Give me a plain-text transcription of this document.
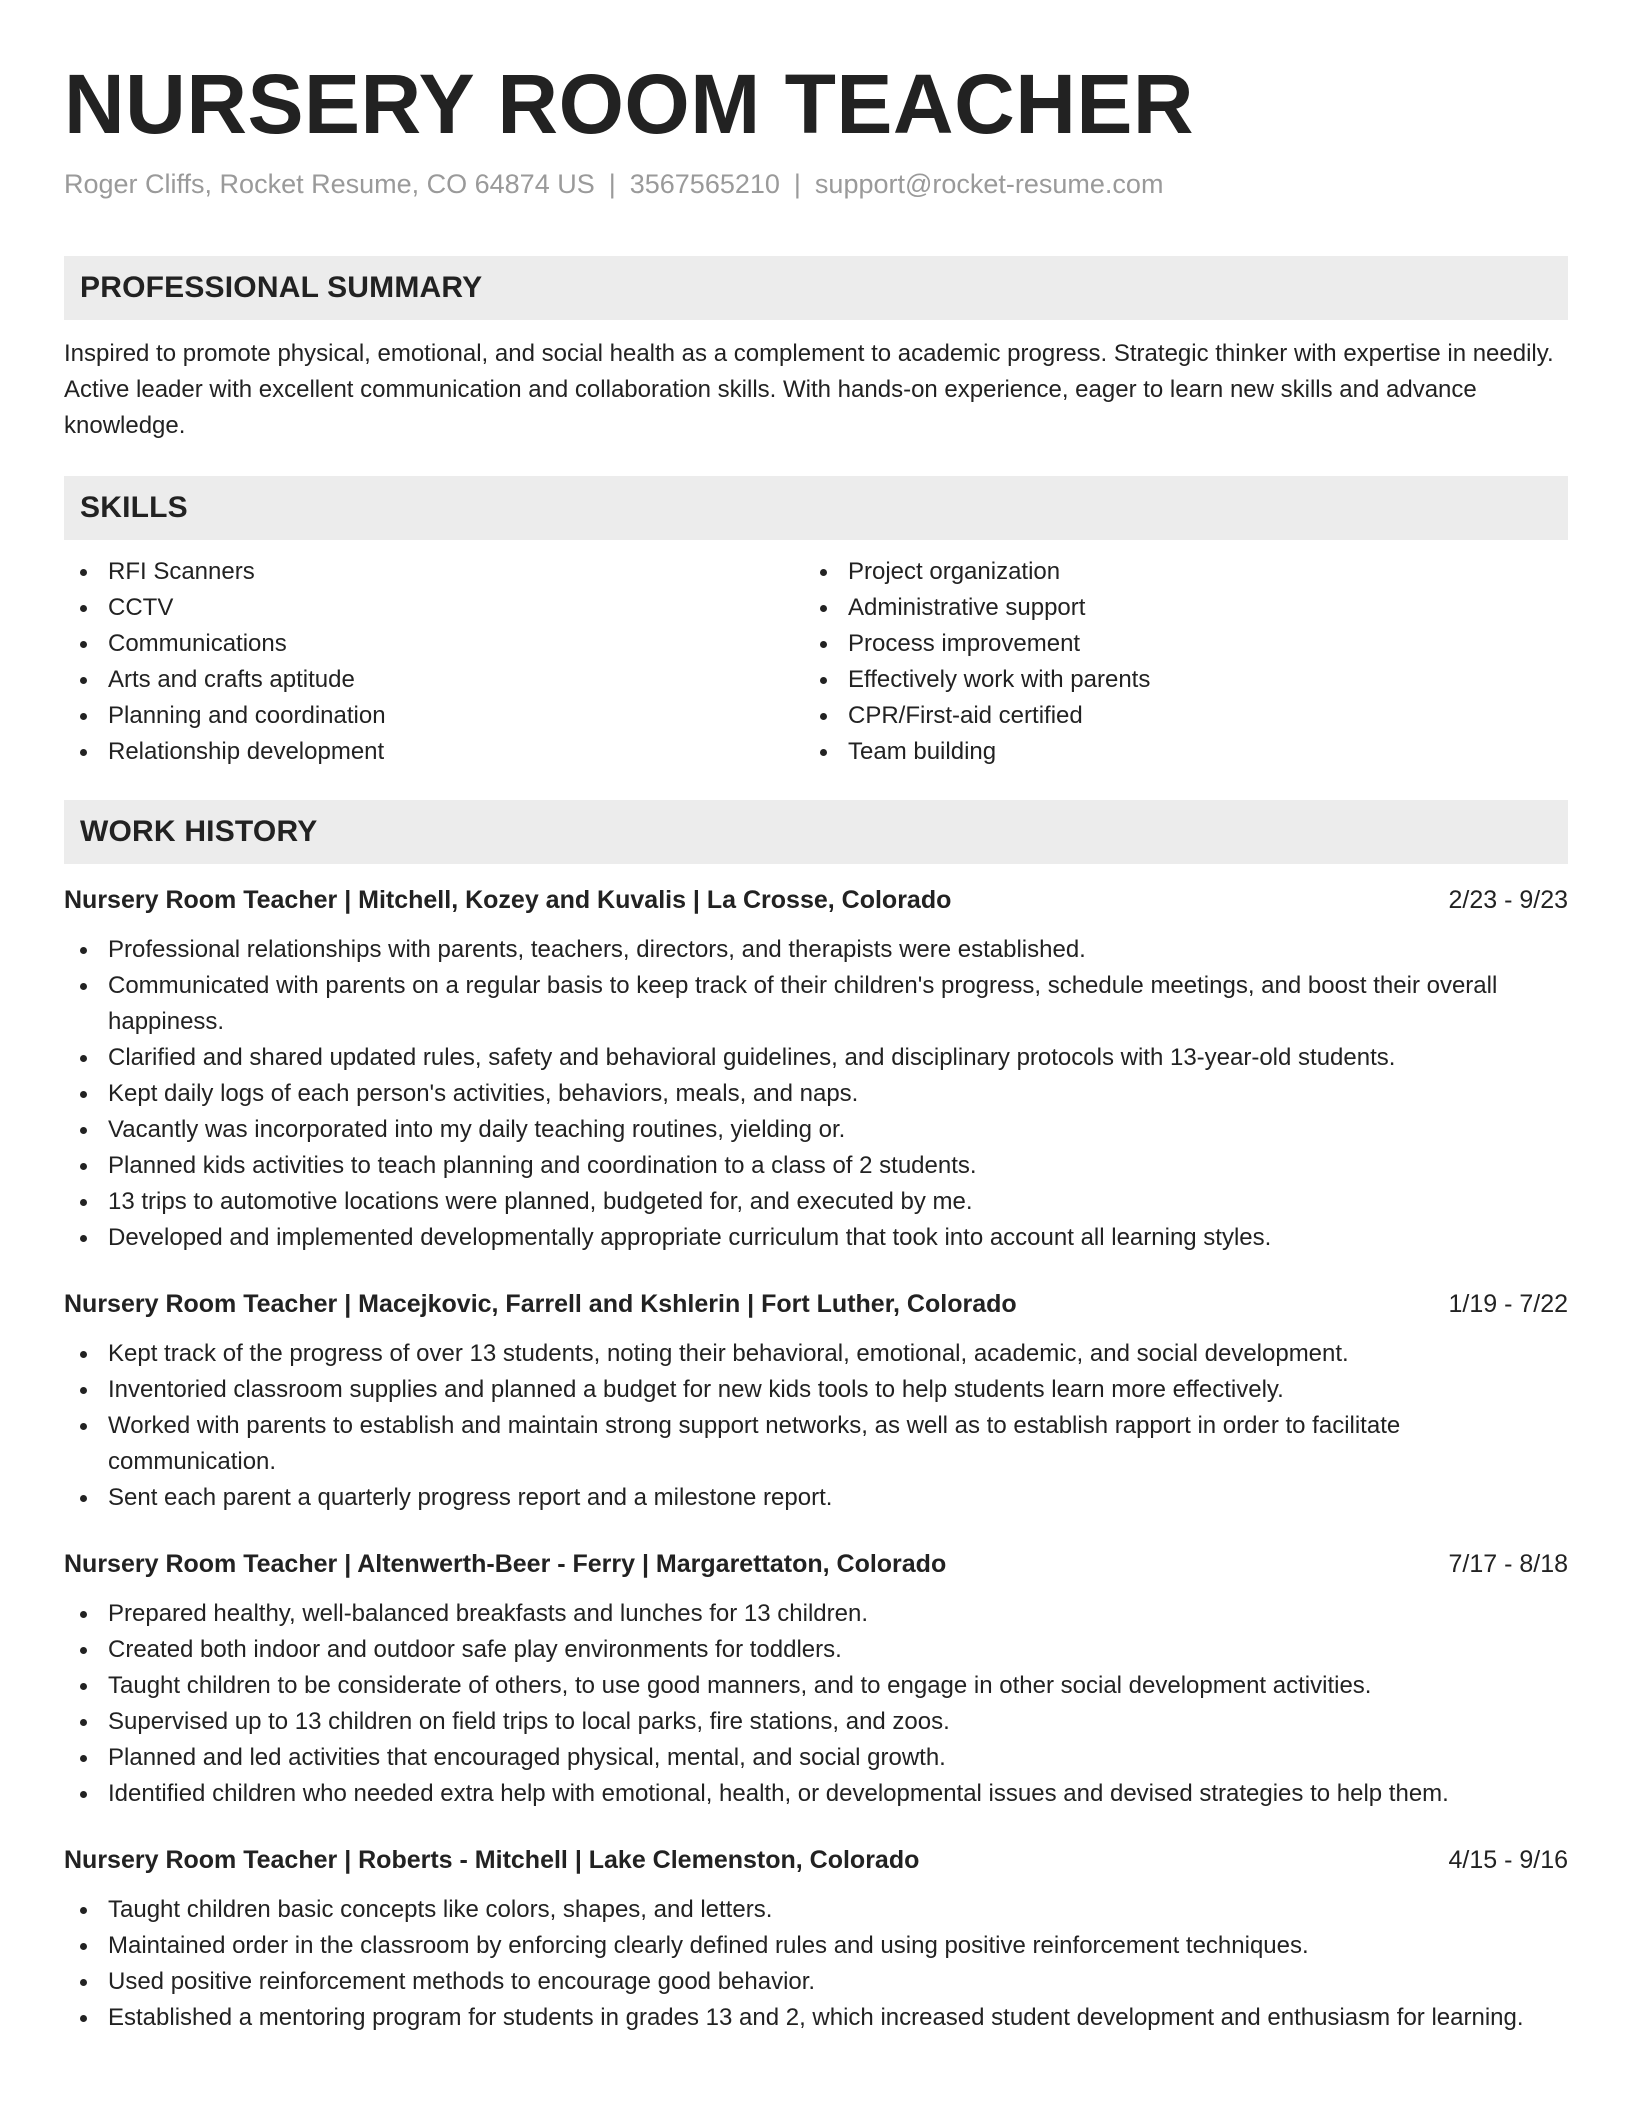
NURSERY ROOM TEACHER
Roger Cliffs, Rocket Resume, CO 64874 US | 3567565210 | support@rocket-resume.com
PROFESSIONAL SUMMARY

Inspired to promote physical, emotional, and social health as a complement to academic progress. Strategic thinker with expertise in needily. Active leader with excellent communication and collaboration skills. With hands-on experience, eager to learn new skills and advance knowledge.

SKILLS
RFI Scanners
CCTV
Communications
Arts and crafts aptitude
Planning and coordination
Relationship development
Project organization
Administrative support
Process improvement
Effectively work with parents
CPR/First-aid certified
Team building
WORK HISTORY
Nursery Room Teacher | Mitchell, Kozey and Kuvalis | La Crosse, Colorado	2/23 - 9/23
Professional relationships with parents, teachers, directors, and therapists were established.
Communicated with parents on a regular basis to keep track of their children's progress, schedule meetings, and boost their overall happiness.
Clarified and shared updated rules, safety and behavioral guidelines, and disciplinary protocols with 13-year-old students.
Kept daily logs of each person's activities, behaviors, meals, and naps.
Vacantly was incorporated into my daily teaching routines, yielding or.
Planned kids activities to teach planning and coordination to a class of 2 students.
13 trips to automotive locations were planned, budgeted for, and executed by me.
Developed and implemented developmentally appropriate curriculum that took into account all learning styles.
Nursery Room Teacher | Macejkovic, Farrell and Kshlerin | Fort Luther, Colorado	1/19 - 7/22
Kept track of the progress of over 13 students, noting their behavioral, emotional, academic, and social development.
Inventoried classroom supplies and planned a budget for new kids tools to help students learn more effectively.
Worked with parents to establish and maintain strong support networks, as well as to establish rapport in order to facilitate communication.
Sent each parent a quarterly progress report and a milestone report.
Nursery Room Teacher | Altenwerth-Beer - Ferry | Margarettaton, Colorado	7/17 - 8/18
Prepared healthy, well-balanced breakfasts and lunches for 13 children.
Created both indoor and outdoor safe play environments for toddlers.
Taught children to be considerate of others, to use good manners, and to engage in other social development activities.
Supervised up to 13 children on field trips to local parks, fire stations, and zoos.
Planned and led activities that encouraged physical, mental, and social growth.
Identified children who needed extra help with emotional, health, or developmental issues and devised strategies to help them.
Nursery Room Teacher | Roberts - Mitchell | Lake Clemenston, Colorado	4/15 - 9/16
Taught children basic concepts like colors, shapes, and letters.
Maintained order in the classroom by enforcing clearly defined rules and using positive reinforcement techniques.
Used positive reinforcement methods to encourage good behavior.
Established a mentoring program for students in grades 13 and 2, which increased student development and enthusiasm for learning.
